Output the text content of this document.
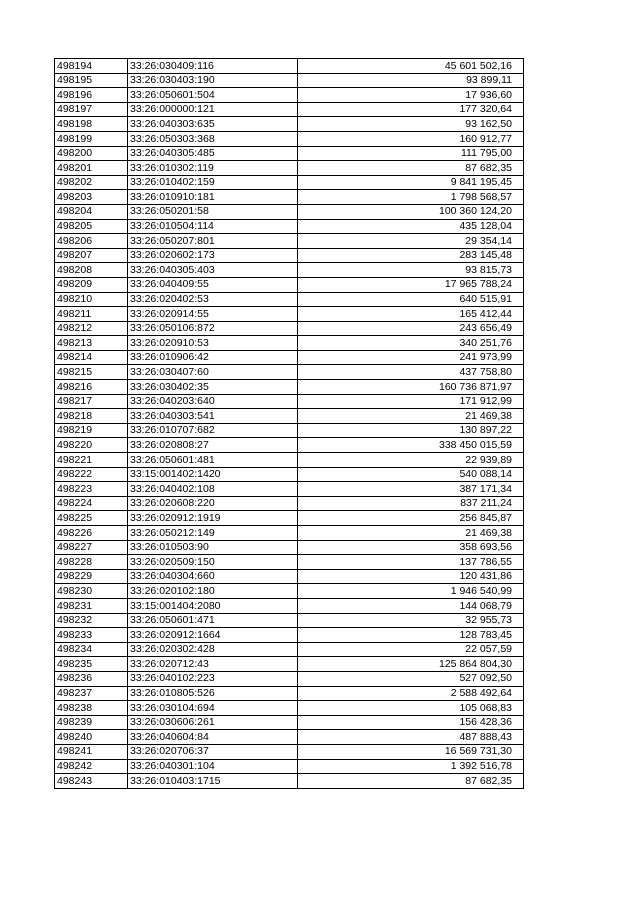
498194	33:26:030409:116	45 601 502,16
498195	33:26:030403:190	93 899,11
498196	33:26:050601:504	17 936,60
498197	33:26:000000:121	177 320,64
498198	33:26:040303:635	93 162,50
498199	33:26:050303:368	160 912,77
498200	33:26:040305:485	111 795,00
498201	33:26:010302:119	87 682,35
498202	33:26:010402:159	9 841 195,45
498203	33:26:010910:181	1 798 568,57
498204	33:26:050201:58	100 360 124,20
498205	33:26:010504:114	435 128,04
498206	33:26:050207:801	29 354,14
498207	33:26:020602:173	283 145,48
498208	33:26:040305:403	93 815,73
498209	33:26:040409:55	17 965 788,24
498210	33:26:020402:53	640 515,91
498211	33:26:020914:55	165 412,44
498212	33:26:050106:872	243 656,49
498213	33:26:020910:53	340 251,76
498214	33:26:010906:42	241 973,99
498215	33:26:030407:60	437 758,80
498216	33:26:030402:35	160 736 871,97
498217	33:26:040203:640	171 912,99
498218	33:26:040303:541	21 469,38
498219	33:26:010707:682	130 897,22
498220	33:26:020808:27	338 450 015,59
498221	33:26:050601:481	22 939,89
498222	33:15:001402:1420	540 088,14
498223	33:26:040402:108	387 171,34
498224	33:26:020608:220	837 211,24
498225	33:26:020912:1919	256 845,87
498226	33:26:050212:149	21 469,38
498227	33:26:010503:90	358 693,56
498228	33:26:020509:150	137 786,55
498229	33:26:040304:660	120 431,86
498230	33:26:020102:180	1 946 540,99
498231	33:15:001404:2080	144 068,79
498232	33:26:050601:471	32 955,73
498233	33:26:020912:1664	128 783,45
498234	33:26:020302:428	22 057,59
498235	33:26:020712:43	125 864 804,30
498236	33:26:040102:223	527 092,50
498237	33:26:010805:526	2 588 492,64
498238	33:26:030104:694	105 068,83
498239	33:26:030606:261	156 428,36
498240	33:26:040604:84	487 888,43
498241	33:26:020706:37	16 569 731,30
498242	33:26:040301:104	1 392 516,78
498243	33:26:010403:1715	87 682,35
